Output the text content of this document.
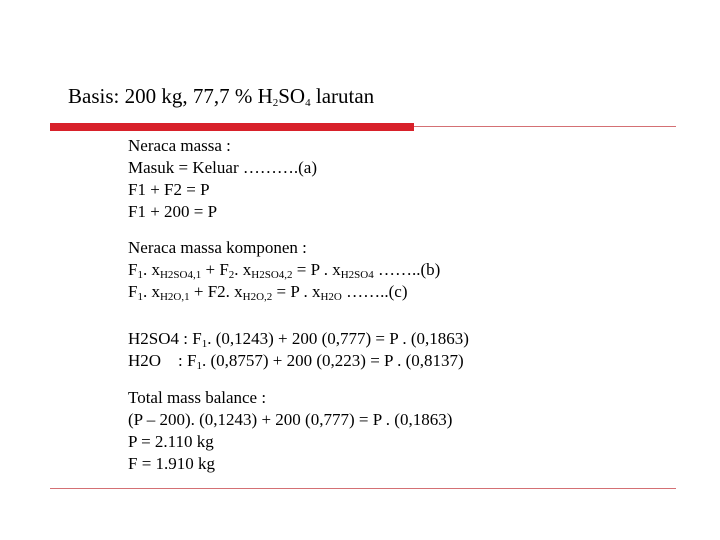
Basis: 200 kg, 77,7 % $H_2SO_4$ larutan
Neraca massa :
Masuk = Keluar ……….(a)
F1 + F2 = P
F1 + 200 = P
Neraca massa komponen :
$F_1$. $x_{H2SO4,1} + F_2$. $x_{H2SO4,2} = P$ . $x_{H2SO4}$ ……..(b)
$F_1$. $x_{H2O,1} + F2$. $x_{H2O,2} = P$ . $x_{H2O}$ ……..(c)
H2SO4 : $F_1$. (0,1243) + 200 (0,777) = P . (0,1863)
H2O    : $F_1$. (0,8757) + 200 (0,223) = P . (0,8137)
Total mass balance :
(P – 200). (0,1243) + 200 (0,777) = P . (0,1863)
P = 2.110 kg
F = 1.910 kg
